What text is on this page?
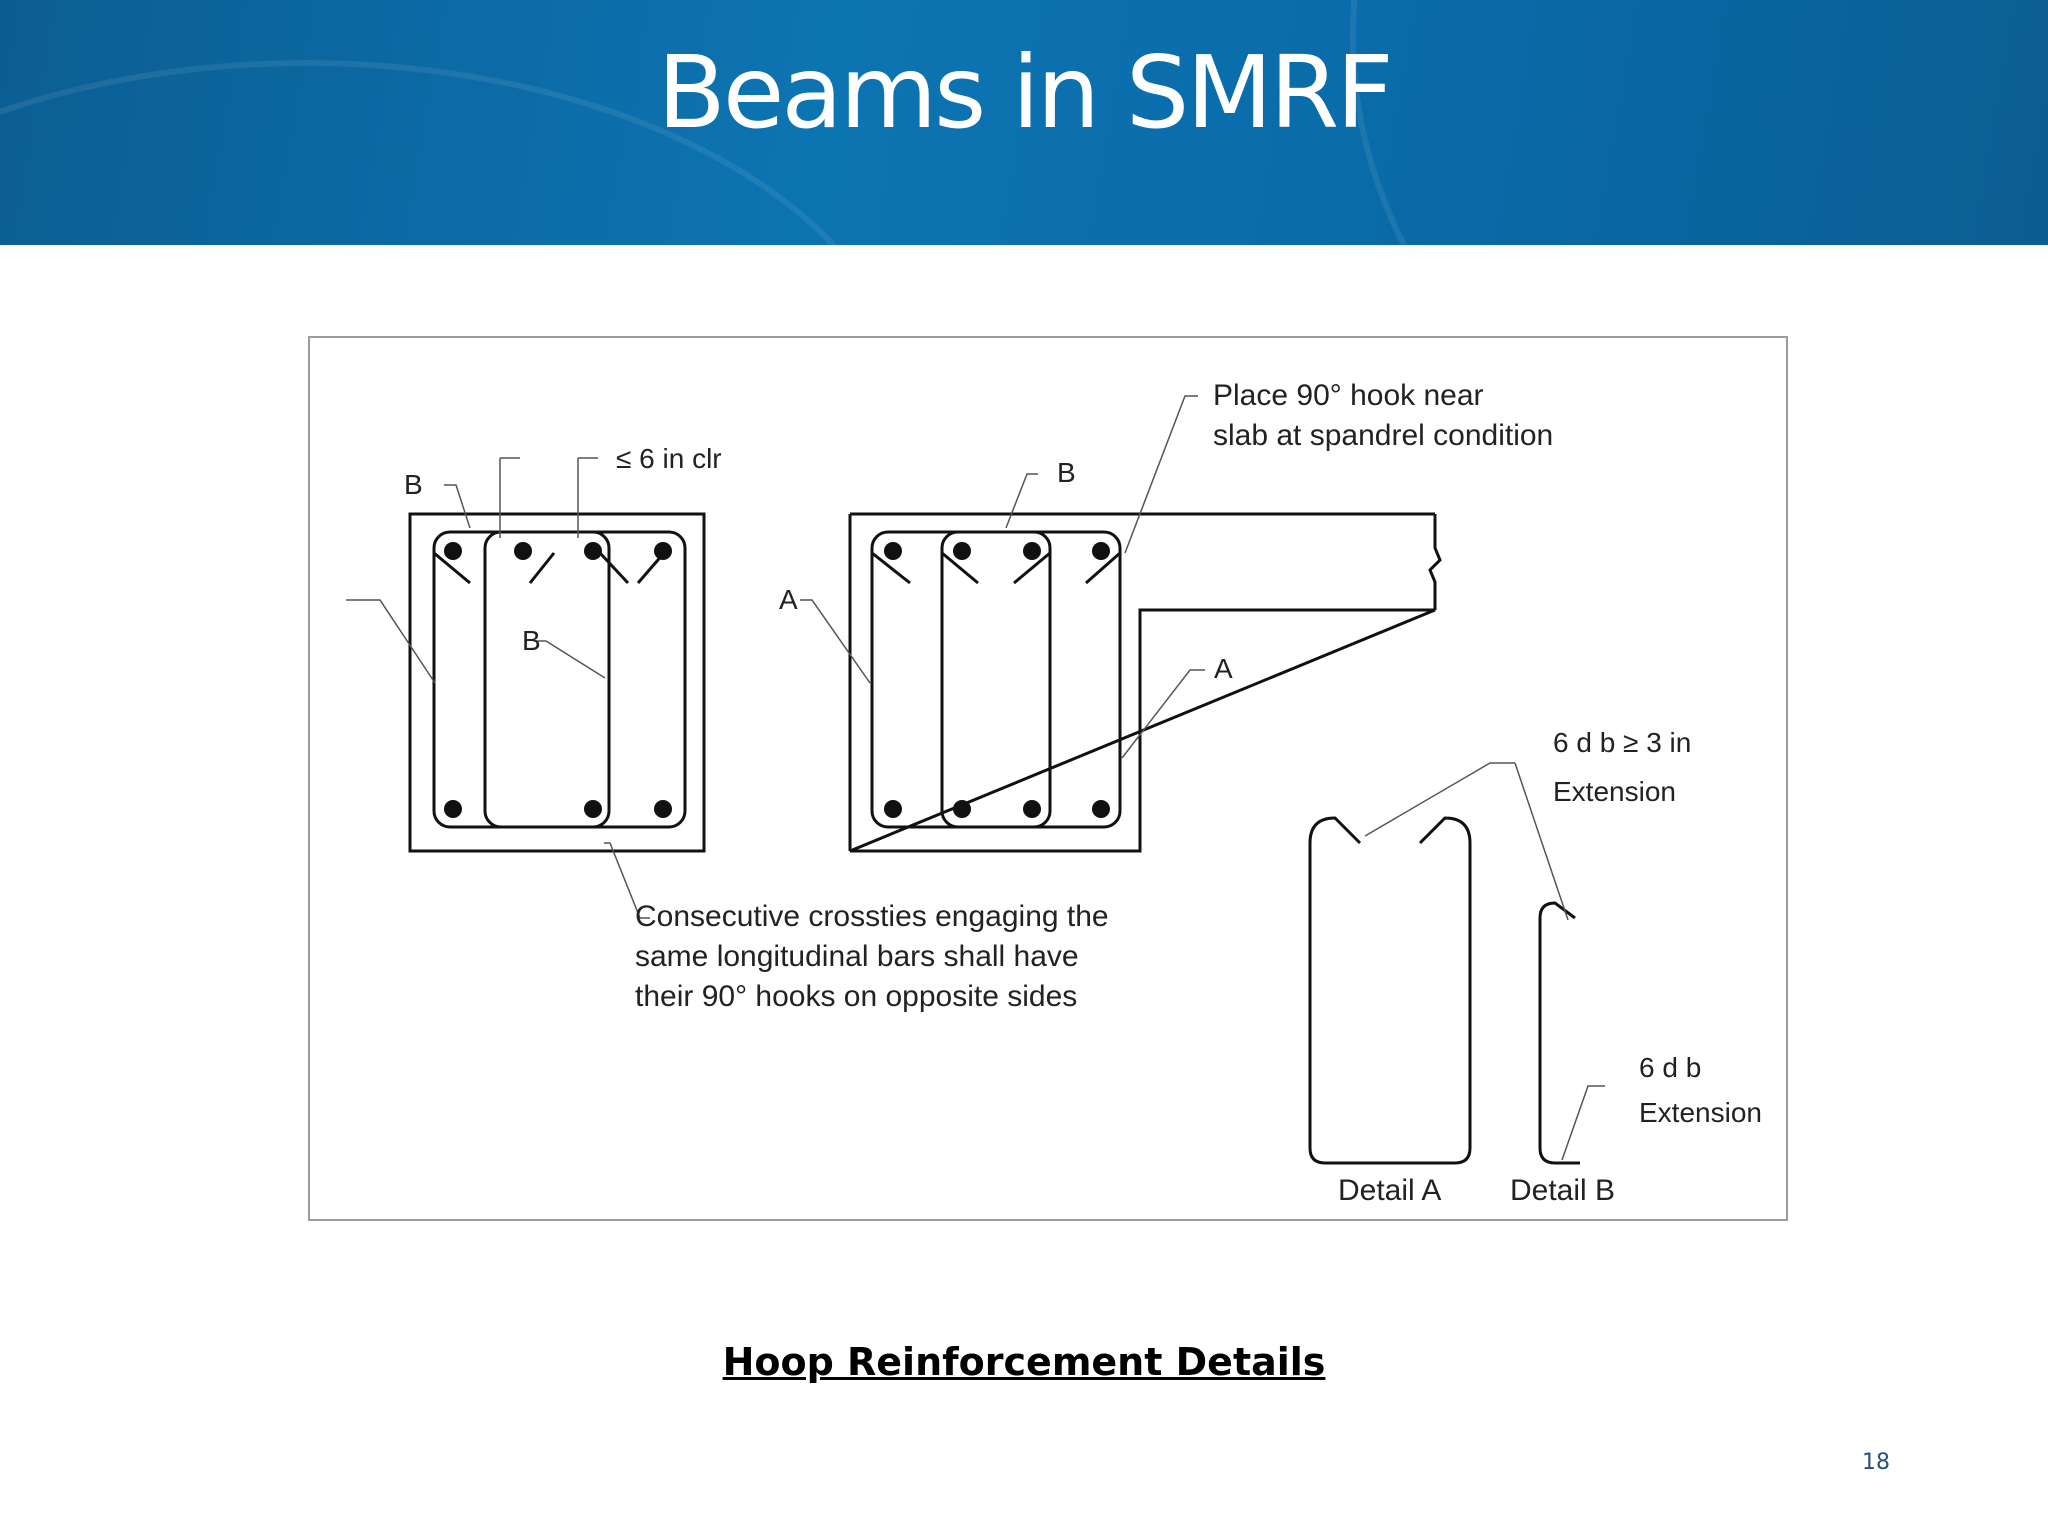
Beams in SMRF
B
B
≤ 6 in clr	B
A
A
Place 90° hook near
slab at spandrel condition
Consecutive crossties engaging the
same longitudinal bars shall have
their 90° hooks on opposite sides
6 d b ≥ 3 in
Extension
6 d b
Extension
Detail A Detail B
Hoop Reinforcement Details
18
